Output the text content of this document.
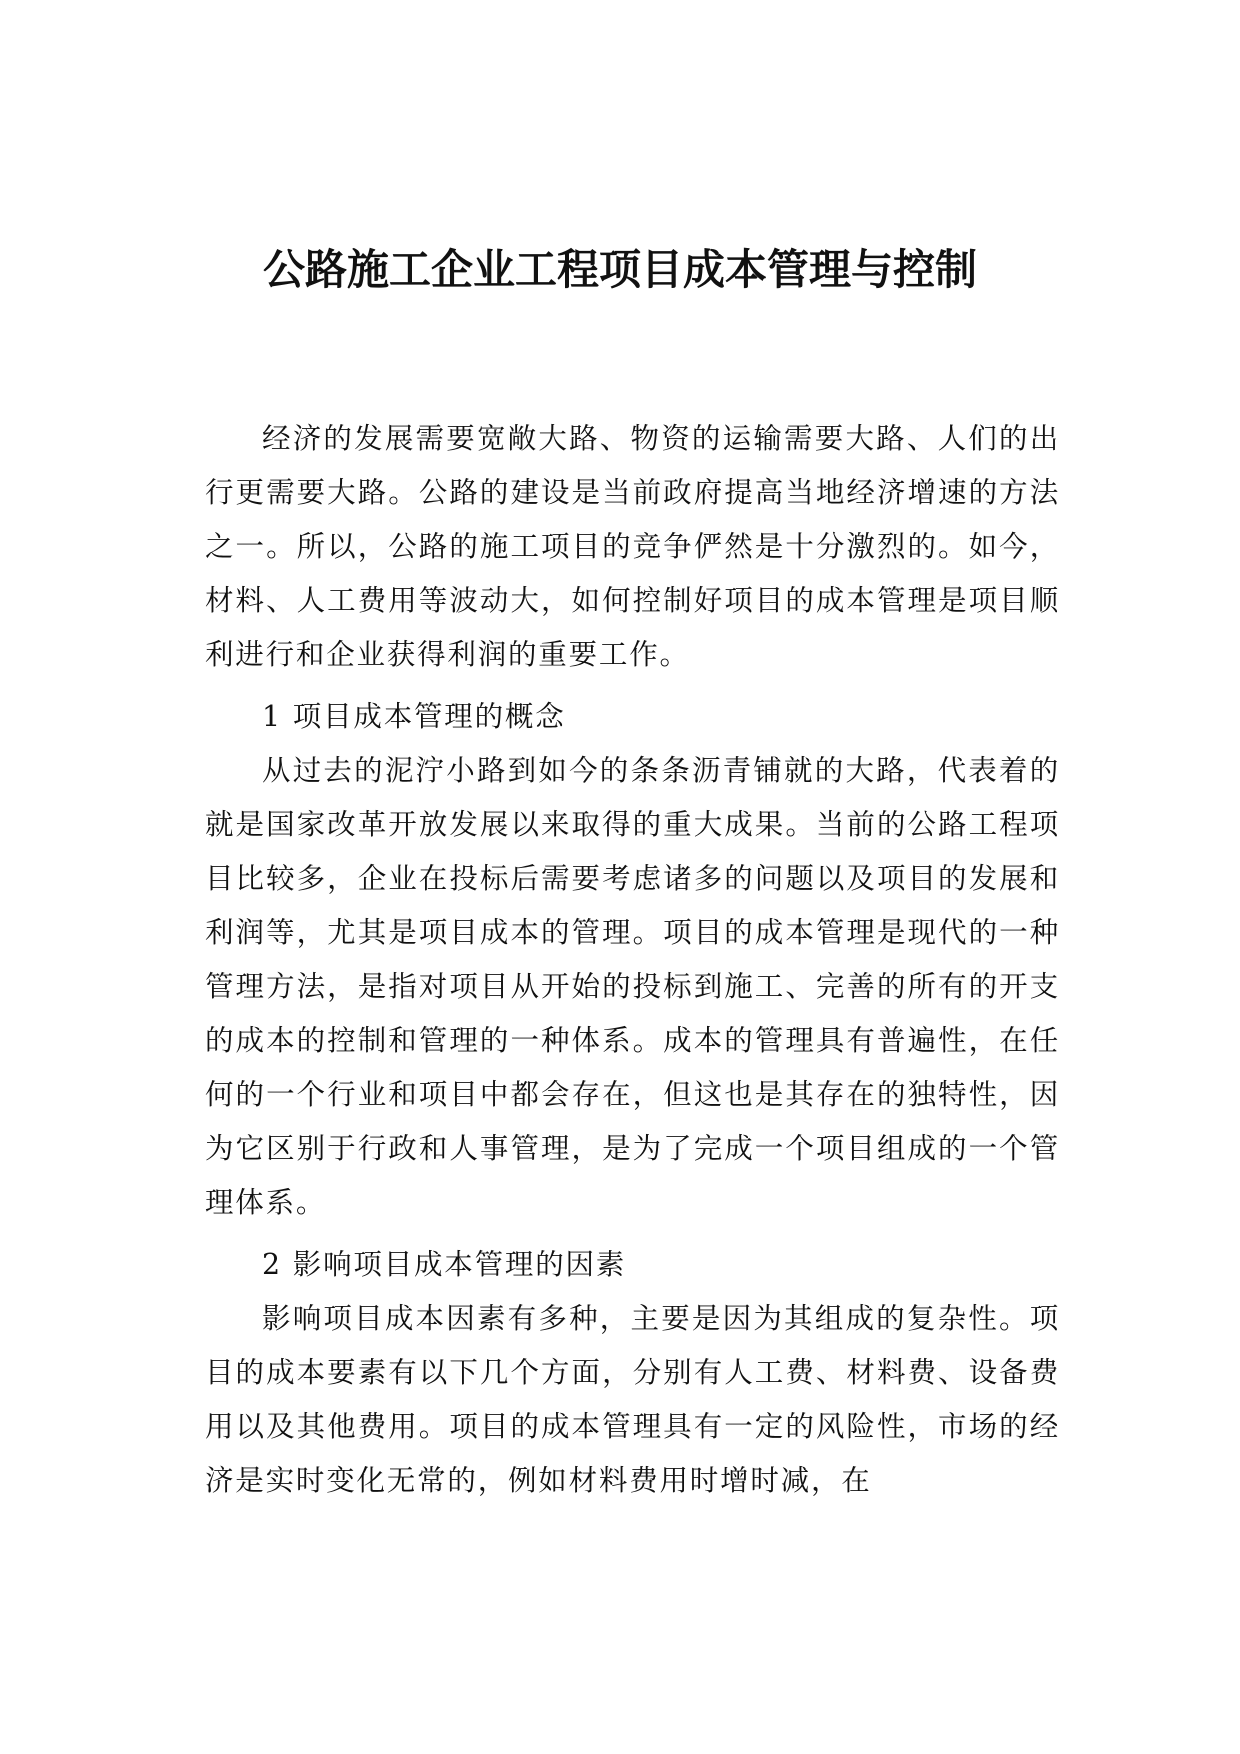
公路施工企业工程项目成本管理与控制

经济的发展需要宽敞大路、物资的运输需要大路、人们的出行更需要大路。公路的建设是当前政府提高当地经济增速的方法之一。所以，公路的施工项目的竞争俨然是十分激烈的。如今，材料、人工费用等波动大，如何控制好项目的成本管理是项目顺利进行和企业获得利润的重要工作。

1 项目成本管理的概念

从过去的泥泞小路到如今的条条沥青铺就的大路，代表着的就是国家改革开放发展以来取得的重大成果。当前的公路工程项目比较多，企业在投标后需要考虑诸多的问题以及项目的发展和利润等，尤其是项目成本的管理。项目的成本管理是现代的一种管理方法，是指对项目从开始的投标到施工、完善的所有的开支的成本的控制和管理的一种体系。成本的管理具有普遍性，在任何的一个行业和项目中都会存在，但这也是其存在的独特性，因为它区别于行政和人事管理，是为了完成一个项目组成的一个管理体系。

2 影响项目成本管理的因素

影响项目成本因素有多种，主要是因为其组成的复杂性。项目的成本要素有以下几个方面，分别有人工费、材料费、设备费用以及其他费用。项目的成本管理具有一定的风险性，市场的经济是实时变化无常的，例如材料费用时增时减，在
